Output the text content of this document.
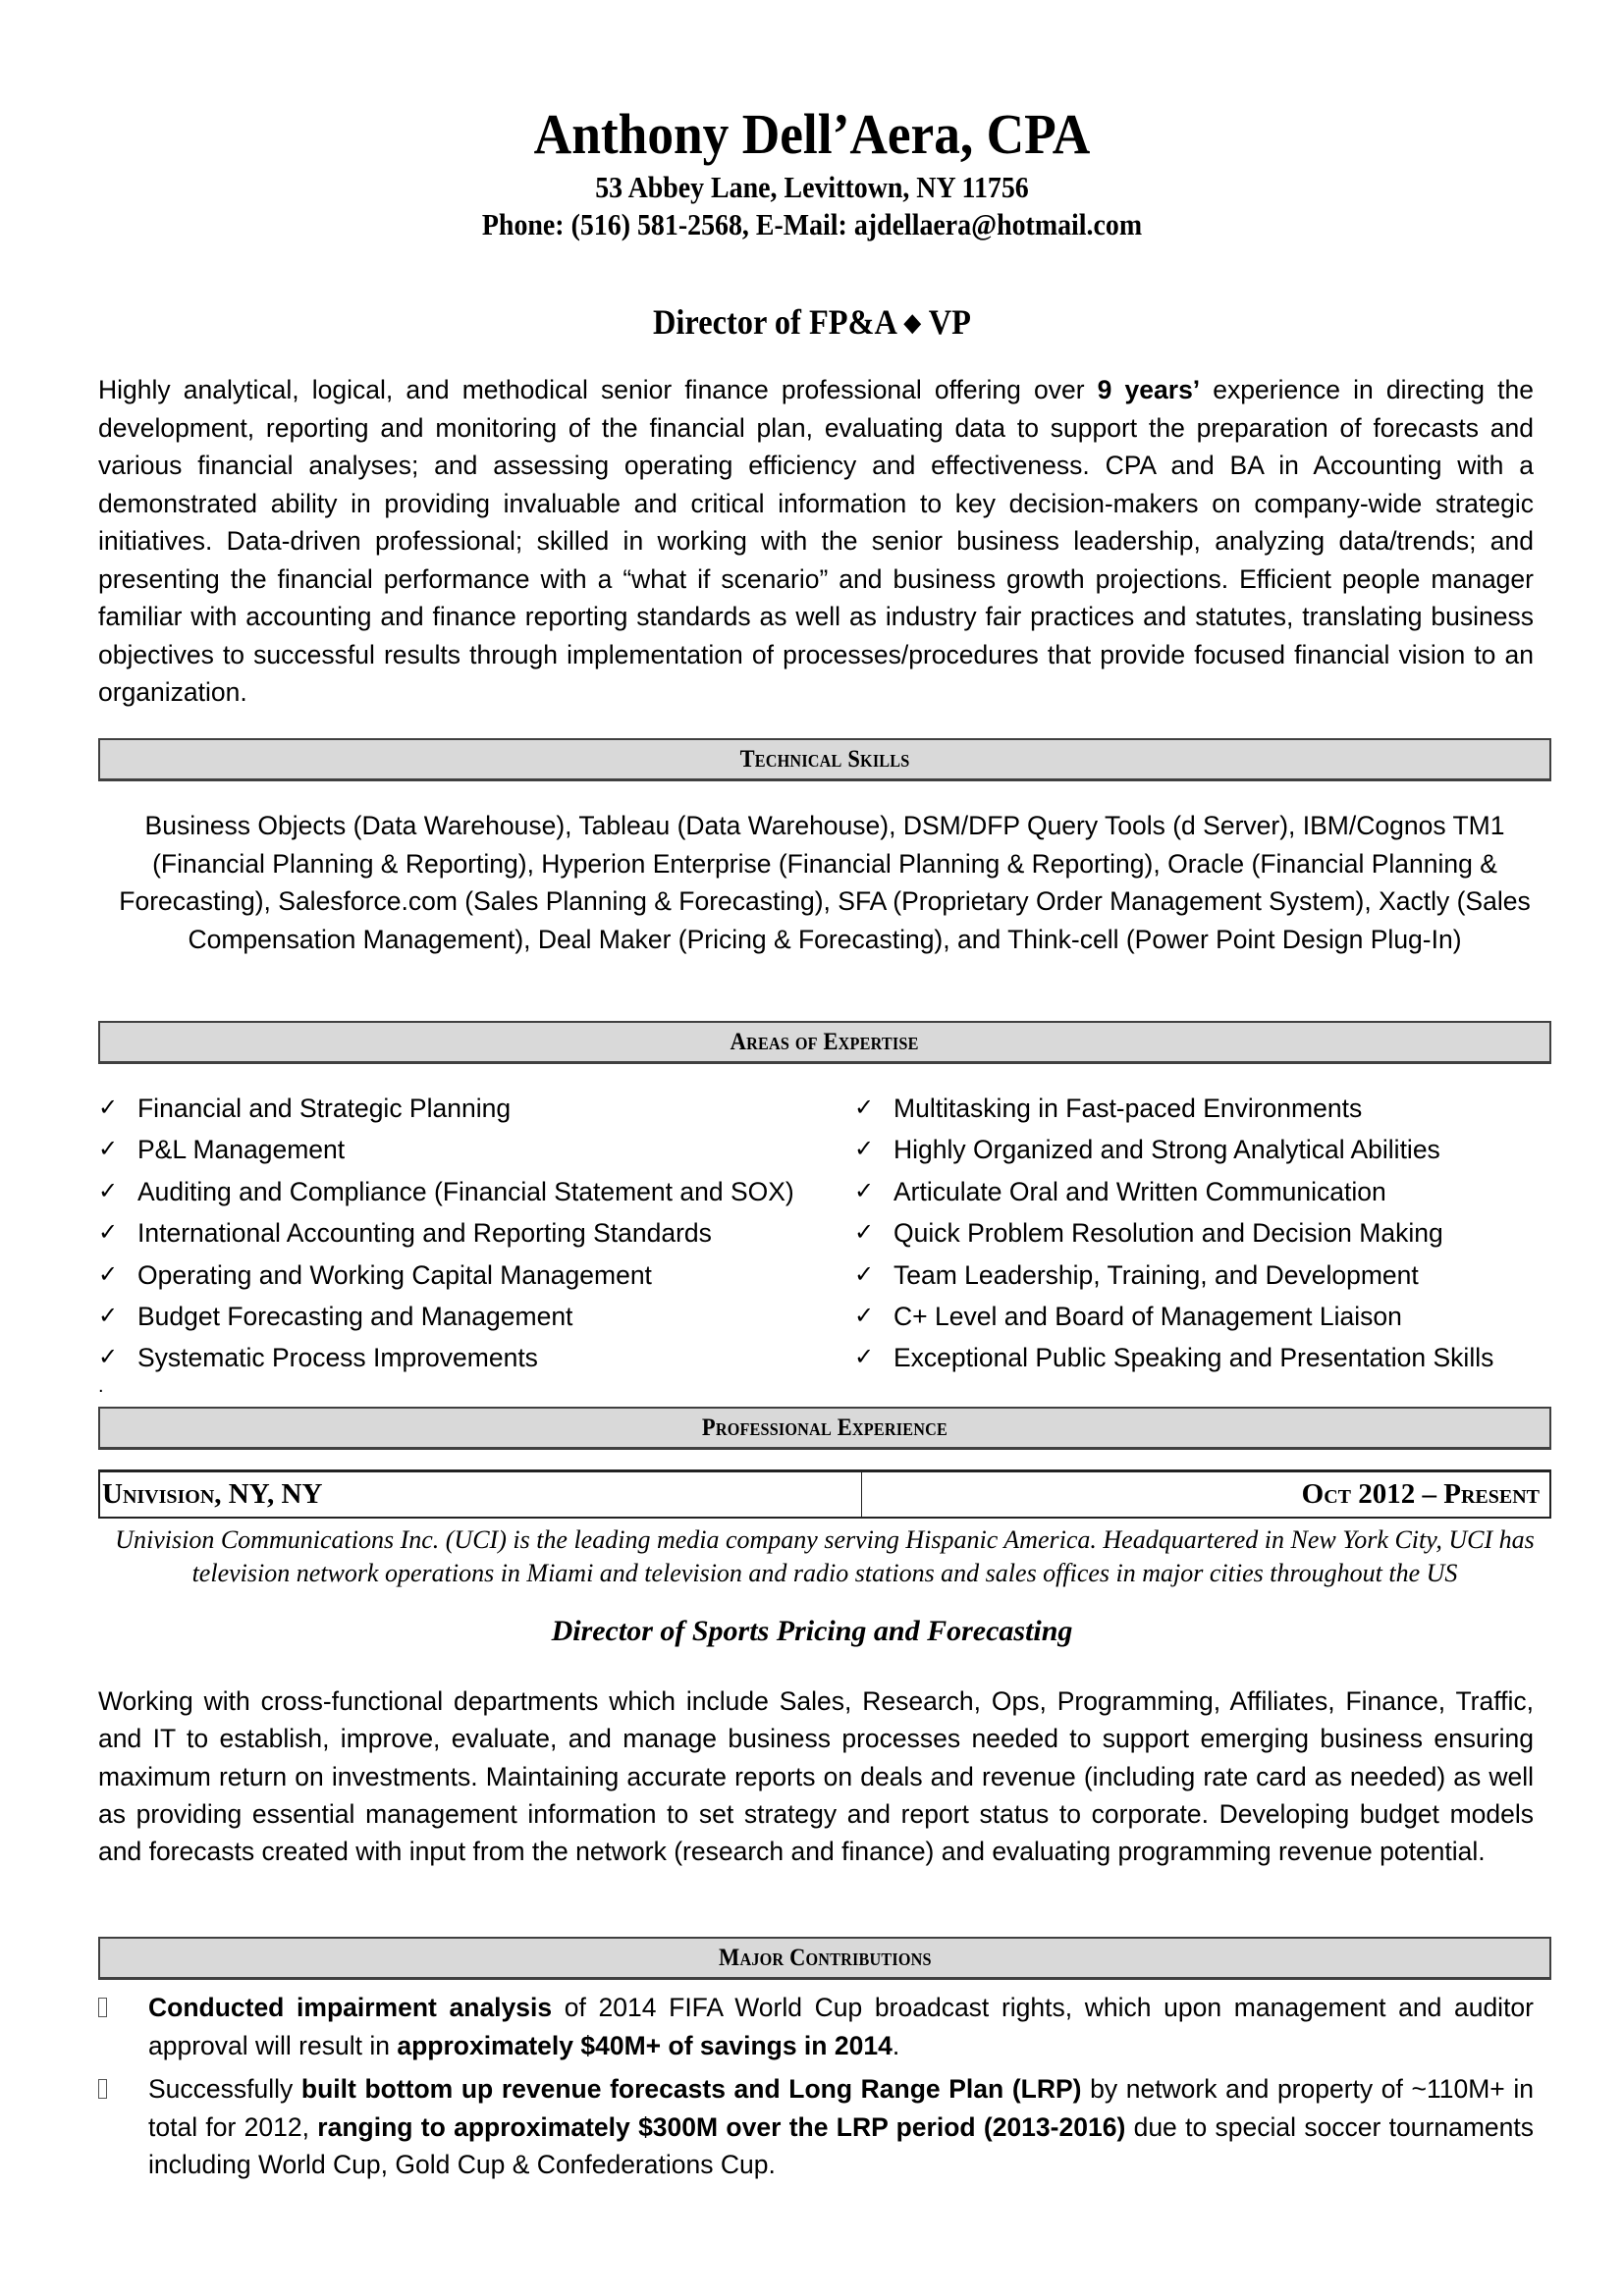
Anthony Dell’Aera, CPA
53 Abbey Lane, Levittown, NY 11756
Phone: (516) 581-2568, E-Mail: ajdellaera@hotmail.com
Director of FP&A ◆ VP
Highly analytical, logical, and methodical senior finance professional offering over 9 years’ experience in directing the development, reporting and monitoring of the financial plan, evaluating data to support the preparation of forecasts and various financial analyses; and assessing operating efficiency and effectiveness. CPA and BA in Accounting with a demonstrated ability in providing invaluable and critical information to key decision-makers on company-wide strategic initiatives. Data-driven professional; skilled in working with the senior business leadership, analyzing data/trends; and presenting the financial performance with a “what if scenario” and business growth projections. Efficient people manager familiar with accounting and finance reporting standards as well as industry fair practices and statutes, translating business objectives to successful results through implementation of processes/procedures that provide focused financial vision to an organization.
Technical Skills
Business Objects (Data Warehouse), Tableau (Data Warehouse), DSM/DFP Query Tools (d Server), IBM/Cognos TM1 (Financial Planning & Reporting), Hyperion Enterprise (Financial Planning & Reporting), Oracle (Financial Planning & Forecasting), Salesforce.com (Sales Planning & Forecasting), SFA (Proprietary Order Management System), Xactly (Sales Compensation Management), Deal Maker (Pricing & Forecasting), and Think-cell (Power Point Design Plug-In)
Areas of Expertise
✓ Financial and Strategic Planning
✓ P&L Management
✓ Auditing and Compliance (Financial Statement and SOX)
✓ International Accounting and Reporting Standards
✓ Operating and Working Capital Management
✓ Budget Forecasting and Management
✓ Systematic Process Improvements
✓ Multitasking in Fast-paced Environments
✓ Highly Organized and Strong Analytical Abilities
✓ Articulate Oral and Written Communication
✓ Quick Problem Resolution and Decision Making
✓ Team Leadership, Training, and Development
✓ C+ Level and Board of Management Liaison
✓ Exceptional Public Speaking and Presentation Skills
.
Professional Experience
Univision, NY, NY	Oct 2012 – Present
Univision Communications Inc. (UCI) is the leading media company serving Hispanic America. Headquartered in New York City, UCI has television network operations in Miami and television and radio stations and sales offices in major cities throughout the US
Director of Sports Pricing and Forecasting
Working with cross-functional departments which include Sales, Research, Ops, Programming, Affiliates, Finance, Traffic, and IT to establish, improve, evaluate, and manage business processes needed to support emerging business ensuring maximum return on investments. Maintaining accurate reports on deals and revenue (including rate card as needed) as well as providing essential management information to set strategy and report status to corporate. Developing budget models and forecasts created with input from the network (research and finance) and evaluating programming revenue potential.
Major Contributions
Conducted impairment analysis of 2014 FIFA World Cup broadcast rights, which upon management and auditor approval will result in approximately $40M+ of savings in 2014.
Successfully built bottom up revenue forecasts and Long Range Plan (LRP) by network and property of ~110M+ in total for 2012, ranging to approximately $300M over the LRP period (2013-2016) due to special soccer tournaments including World Cup, Gold Cup & Confederations Cup.
